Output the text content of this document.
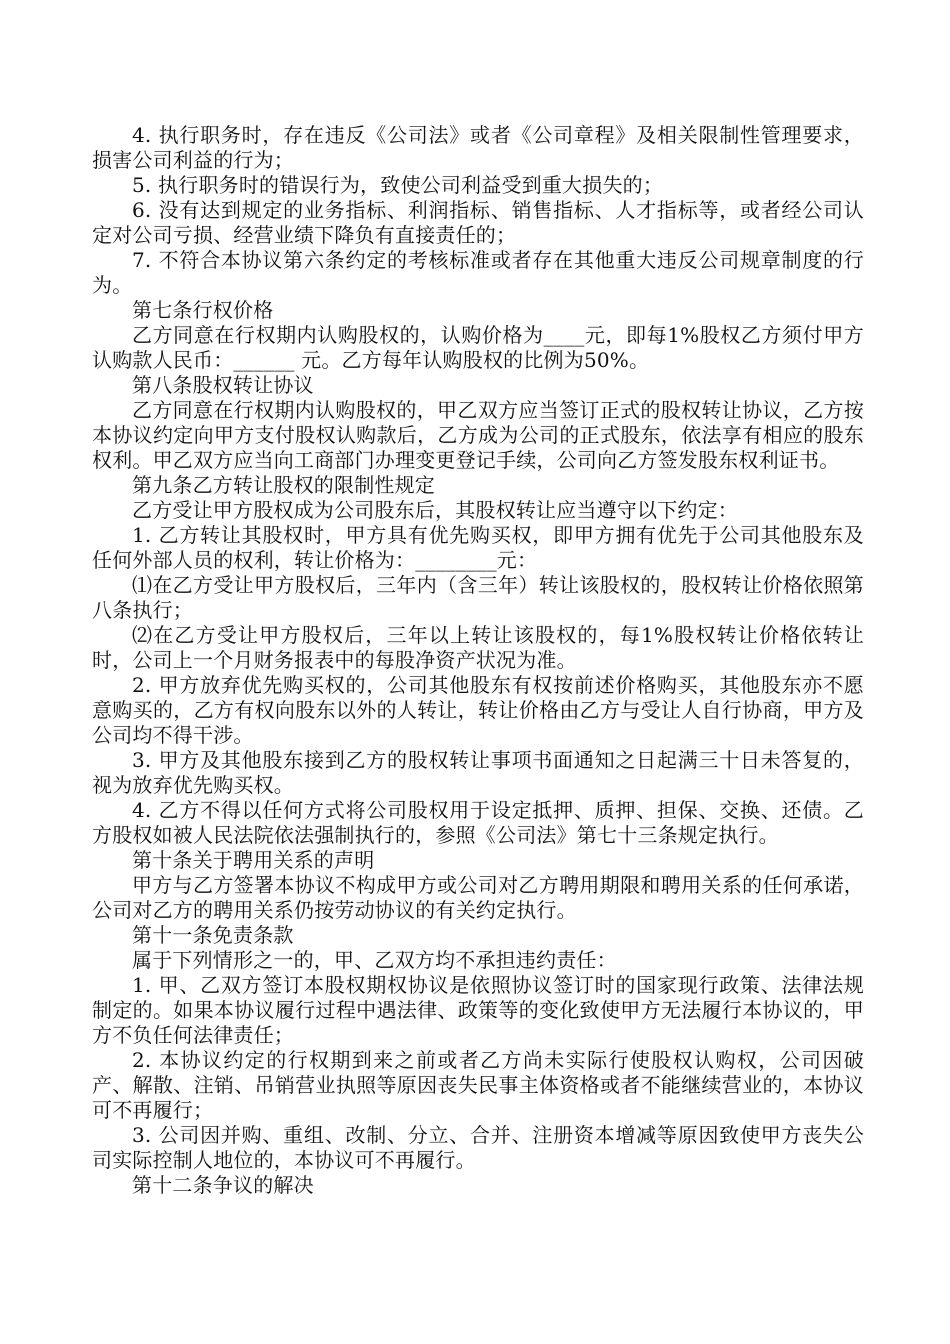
4. 执行职务时，存在违反《公司法》或者《公司章程》及相关限制性管理要求，损害公司利益的行为；

5. 执行职务时的错误行为，致使公司利益受到重大损失的；

6. 没有达到规定的业务指标、利润指标、销售指标、人才指标等，或者经公司认定对公司亏损、经营业绩下降负有直接责任的；

7. 不符合本协议第六条约定的考核标准或者存在其他重大违反公司规章制度的行为。

第七条行权价格

乙方同意在行权期内认购股权的，认购价格为____元，即每1%股权乙方须付甲方认购款人民币：______ 元。乙方每年认购股权的比例为50%。

第八条股权转让协议

乙方同意在行权期内认购股权的，甲乙双方应当签订正式的股权转让协议，乙方按本协议约定向甲方支付股权认购款后，乙方成为公司的正式股东，依法享有相应的股东权利。甲乙双方应当向工商部门办理变更登记手续，公司向乙方签发股东权利证书。

第九条乙方转让股权的限制性规定

乙方受让甲方股权成为公司股东后，其股权转让应当遵守以下约定：

1. 乙方转让其股权时，甲方具有优先购买权，即甲方拥有优先于公司其他股东及任何外部人员的权利，转让价格为：________元：

⑴在乙方受让甲方股权后，三年内（含三年）转让该股权的，股权转让价格依照第八条执行；

⑵在乙方受让甲方股权后，三年以上转让该股权的，每1%股权转让价格依转让时，公司上一个月财务报表中的每股净资产状况为准。

2. 甲方放弃优先购买权的，公司其他股东有权按前述价格购买，其他股东亦不愿意购买的，乙方有权向股东以外的人转让，转让价格由乙方与受让人自行协商，甲方及公司均不得干涉。

3. 甲方及其他股东接到乙方的股权转让事项书面通知之日起满三十日未答复的，视为放弃优先购买权。

4. 乙方不得以任何方式将公司股权用于设定抵押、质押、担保、交换、还债。乙方股权如被人民法院依法强制执行的，参照《公司法》第七十三条规定执行。

第十条关于聘用关系的声明

甲方与乙方签署本协议不构成甲方或公司对乙方聘用期限和聘用关系的任何承诺，公司对乙方的聘用关系仍按劳动协议的有关约定执行。

第十一条免责条款

属于下列情形之一的，甲、乙双方均不承担违约责任：

1. 甲、乙双方签订本股权期权协议是依照协议签订时的国家现行政策、法律法规制定的。如果本协议履行过程中遇法律、政策等的变化致使甲方无法履行本协议的，甲方不负任何法律责任；

2. 本协议约定的行权期到来之前或者乙方尚未实际行使股权认购权，公司因破产、解散、注销、吊销营业执照等原因丧失民事主体资格或者不能继续营业的，本协议可不再履行；

3. 公司因并购、重组、改制、分立、合并、注册资本增减等原因致使甲方丧失公司实际控制人地位的，本协议可不再履行。

第十二条争议的解决
